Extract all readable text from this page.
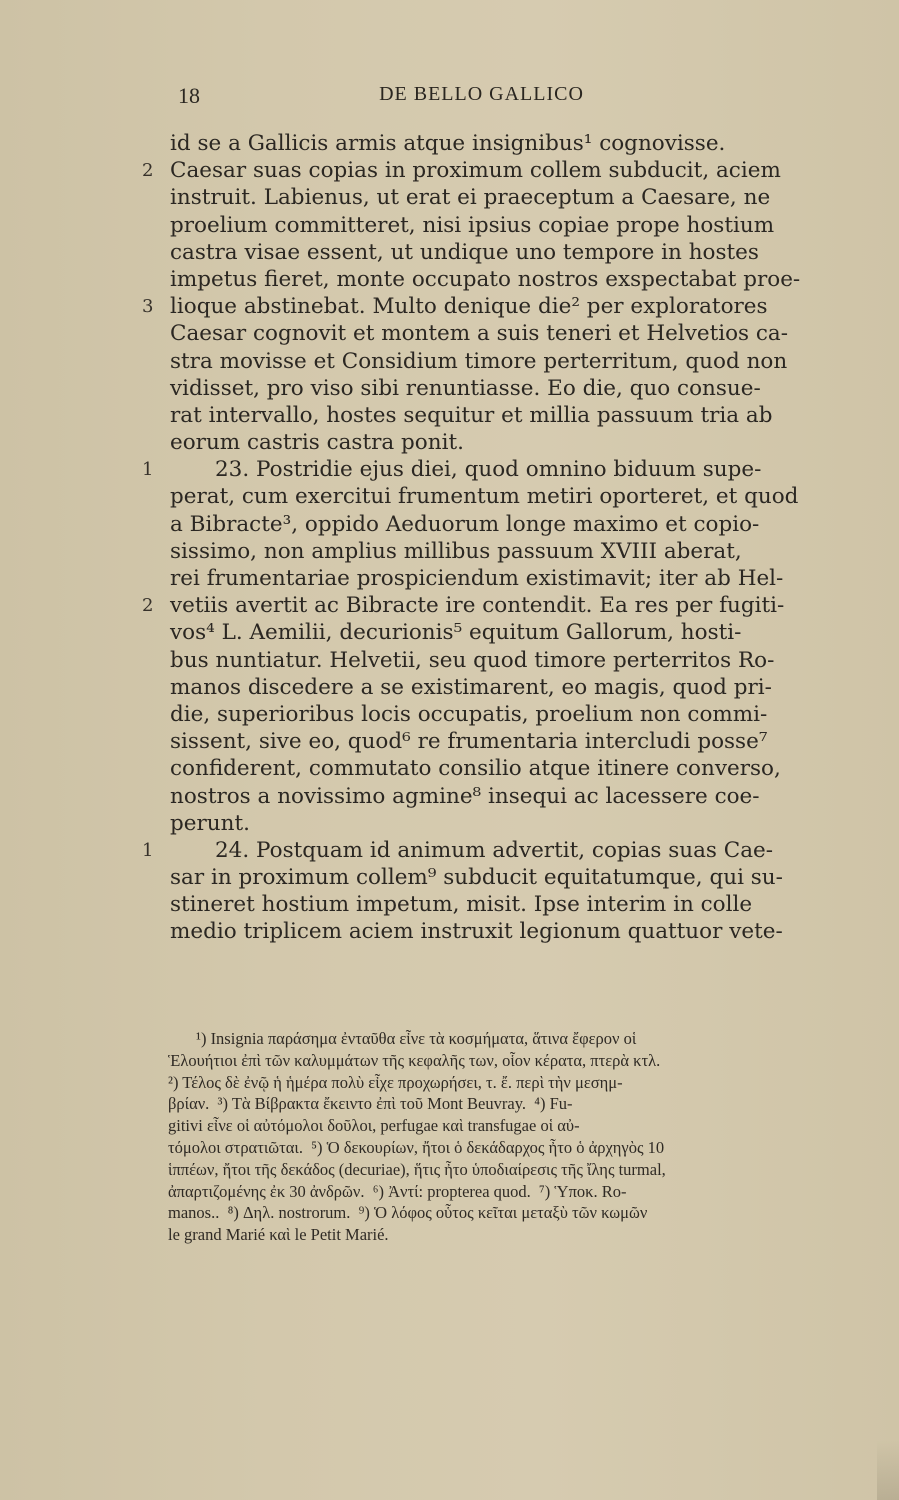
18	DE BELLO GALLICO
id se a Gallicis armis atque insignibus¹ cognovisse.
2 Caesar suas copias in proximum collem subducit, aciem
instruit. Labienus, ut erat ei praeceptum a Caesare, ne
proelium committeret, nisi ipsius copiae prope hostium
castra visae essent, ut undique uno tempore in hostes
impetus fieret, monte occupato nostros exspectabat proe-
3 lioque abstinebat. Multo denique die² per exploratores
Caesar cognovit et montem a suis teneri et Helvetios ca-
stra movisse et Considium timore perterritum, quod non
vidisset, pro viso sibi renuntiasse. Eo die, quo consue-
rat intervallo, hostes sequitur et millia passuum tria ab
eorum castris castra ponit.
1	23. Postridie ejus diei, quod omnino biduum supe-
perat, cum exercitui frumentum metiri oporteret, et quod
a Bibracte³, oppido Aeduorum longe maximo et copio-
sissimo, non amplius millibus passuum XVIII aberat,
rei frumentariae prospiciendum existimavit; iter ab Hel-
2 vetiis avertit ac Bibracte ire contendit. Ea res per fugiti-
vos⁴ L. Aemilii, decurionis⁵ equitum Gallorum, hosti-
bus nuntiatur. Helvetii, seu quod timore perterritos Ro-
manos discedere a se existimarent, eo magis, quod pri-
die, superioribus locis occupatis, proelium non commi-
sissent, sive eo, quod⁶ re frumentaria intercludi posse⁷
confiderent, commutato consilio atque itinere converso,
nostros a novissimo agmine⁸ insequi ac lacessere coe-
perunt.
1	24. Postquam id animum advertit, copias suas Cae-
sar in proximum collem⁹ subducit equitatumque, qui su-
stineret hostium impetum, misit. Ipse interim in colle
medio triplicem aciem instruxit legionum quattuor vete-
¹) Insignia παράσημα ἐνταῦθα εἶνε τὰ κοσμήματα, ἅτινα ἔφερον οἱ
Ἑλουήτιοι ἐπὶ τῶν καλυμμάτων τῆς κεφαλῆς των, οἷον κέρατα, πτερὰ κτλ.
²) Τέλος δὲ ἐνῷ ἡ ἡμέρα πολὺ εἶχε προχωρήσει, τ. ἔ. περὶ τὴν μεσημ-
βρίαν.  ³) Τὰ Βίβρακτα ἔκειντο ἐπὶ τοῦ Mont Beuvray.  ⁴) Fu-
gitivi εἶνε οἱ αὐτόμολοι δοῦλοι, perfugae καὶ transfugae οἱ αὐ-
τόμολοι στρατιῶται.  ⁵) Ὁ δεκουρίων, ἤτοι ὁ δεκάδαρχος ἦτο ὁ ἀρχηγὸς 10
ἱππέων, ἤτοι τῆς δεκάδος (decuriae), ἥτις ἦτο ὑποδιαίρεσις τῆς ἴλης turmal,
ἀπαρτιζομένης ἐκ 30 ἀνδρῶν.  ⁶) Ἀντί: propterea quod.  ⁷) Ὑποκ. Ro-
manos..  ⁸) Δηλ. nostrorum.  ⁹) Ὁ λόφος οὗτος κεῖται μεταξὺ τῶν κωμῶν
le grand Marié καὶ le Petit Marié.
